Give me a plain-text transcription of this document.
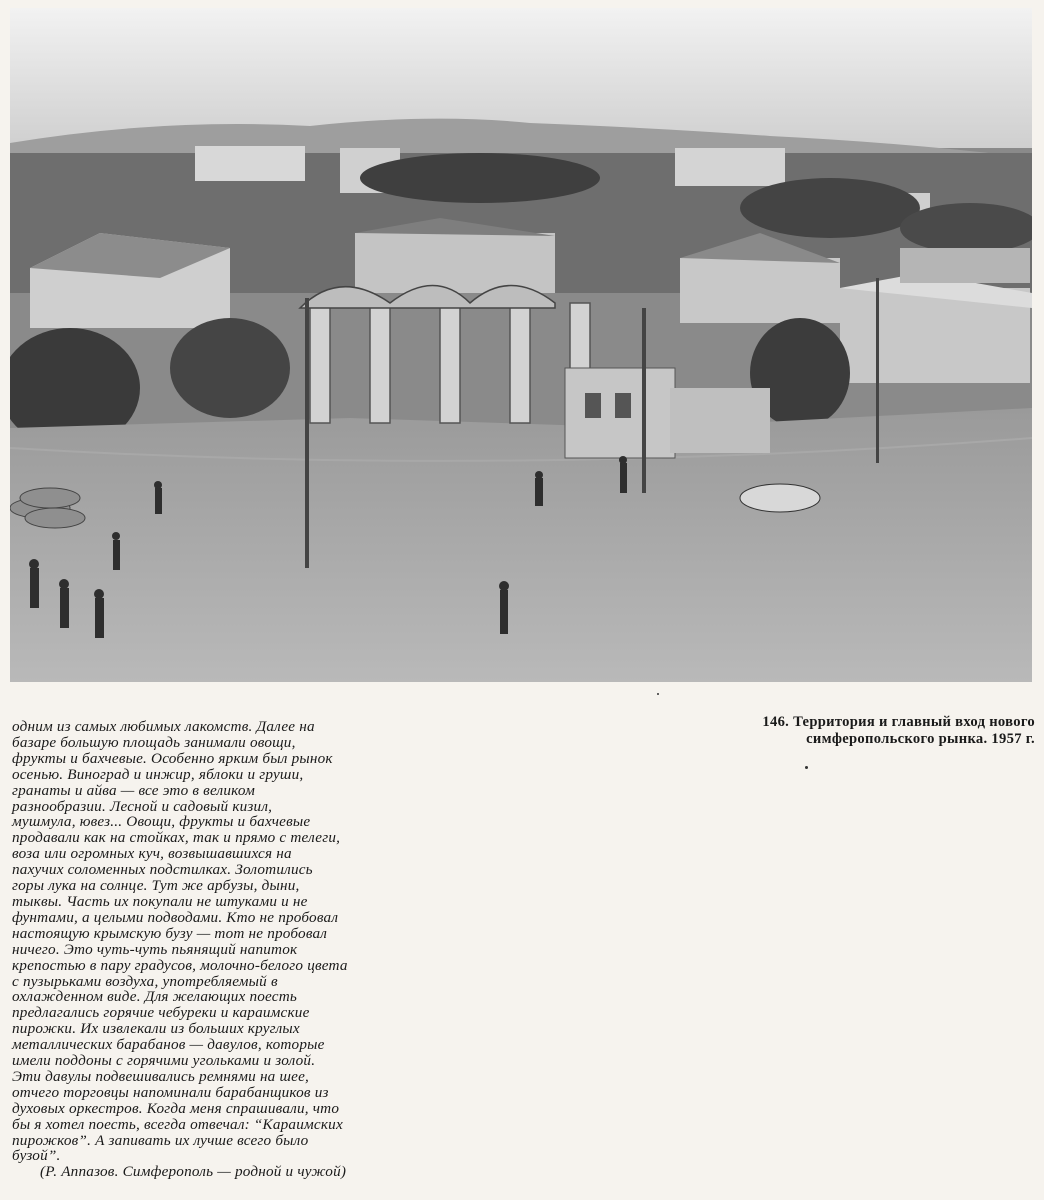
одним из самых любимых лакомств. Далее на

базаре большую площадь занимали овощи,

фрукты и бахчевые. Особенно ярким был рынок

осенью. Виноград и инжир, яблоки и груши,

гранаты и айва — все это в великом

разнообразии. Лесной и садовый кизил,

мушмула, ювез... Овощи, фрукты и бахчевые

продавали как на стойках, так и прямо с телеги,

воза или огромных куч, возвышавшихся на

пахучих соломенных подстилках. Золотились

горы лука на солнце. Тут же арбузы, дыни,

тыквы. Часть их покупали не штуками и не

фунтами, а целыми подводами. Кто не пробовал

настоящую крымскую бузу — тот не пробовал

ничего. Это чуть-чуть пьянящий напиток

крепостью в пару градусов, молочно-белого цвета

с пузырьками воздуха, употребляемый в

охлажденном виде. Для желающих поесть

предлагались горячие чебуреки и караимские

пирожки. Их извлекали из больших круглых

металлических барабанов — давулов, которые

имели поддоны с горячими угольками и золой.

Эти давулы подвешивались ремнями на шее,

отчего торговцы напоминали барабанщиков из

духовых оркестров. Когда меня спрашивали, что

бы я хотел поесть, всегда отвечал: “Караимских

пирожков”. А запивать их лучше всего было

бузой”.

(Р. Аппазов. Симферополь — родной и чужой)
146. Территория и главный вход нового симферопольского рынка. 1957 г.
